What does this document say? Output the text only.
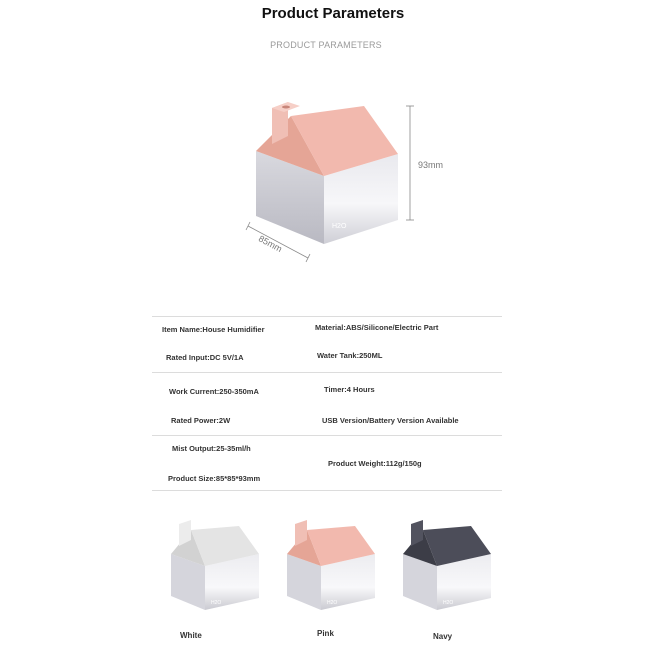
Product Parameters
PRODUCT PARAMETERS
H2O
93mm
85mm
Item Name:House Humidifier	Material:ABS/Silicone/Electric Part
Rated Input:DC 5V/1A	Water Tank:250ML
Work Current:250-350mA	Timer:4 Hours
Rated Power:2W	USB Version/Battery Version Available
Mist Output:25-35ml/h
Product Weight:112g/150g
Product Size:85*85*93mm
H2O
White
H2O
Pink
H2O
Navy
